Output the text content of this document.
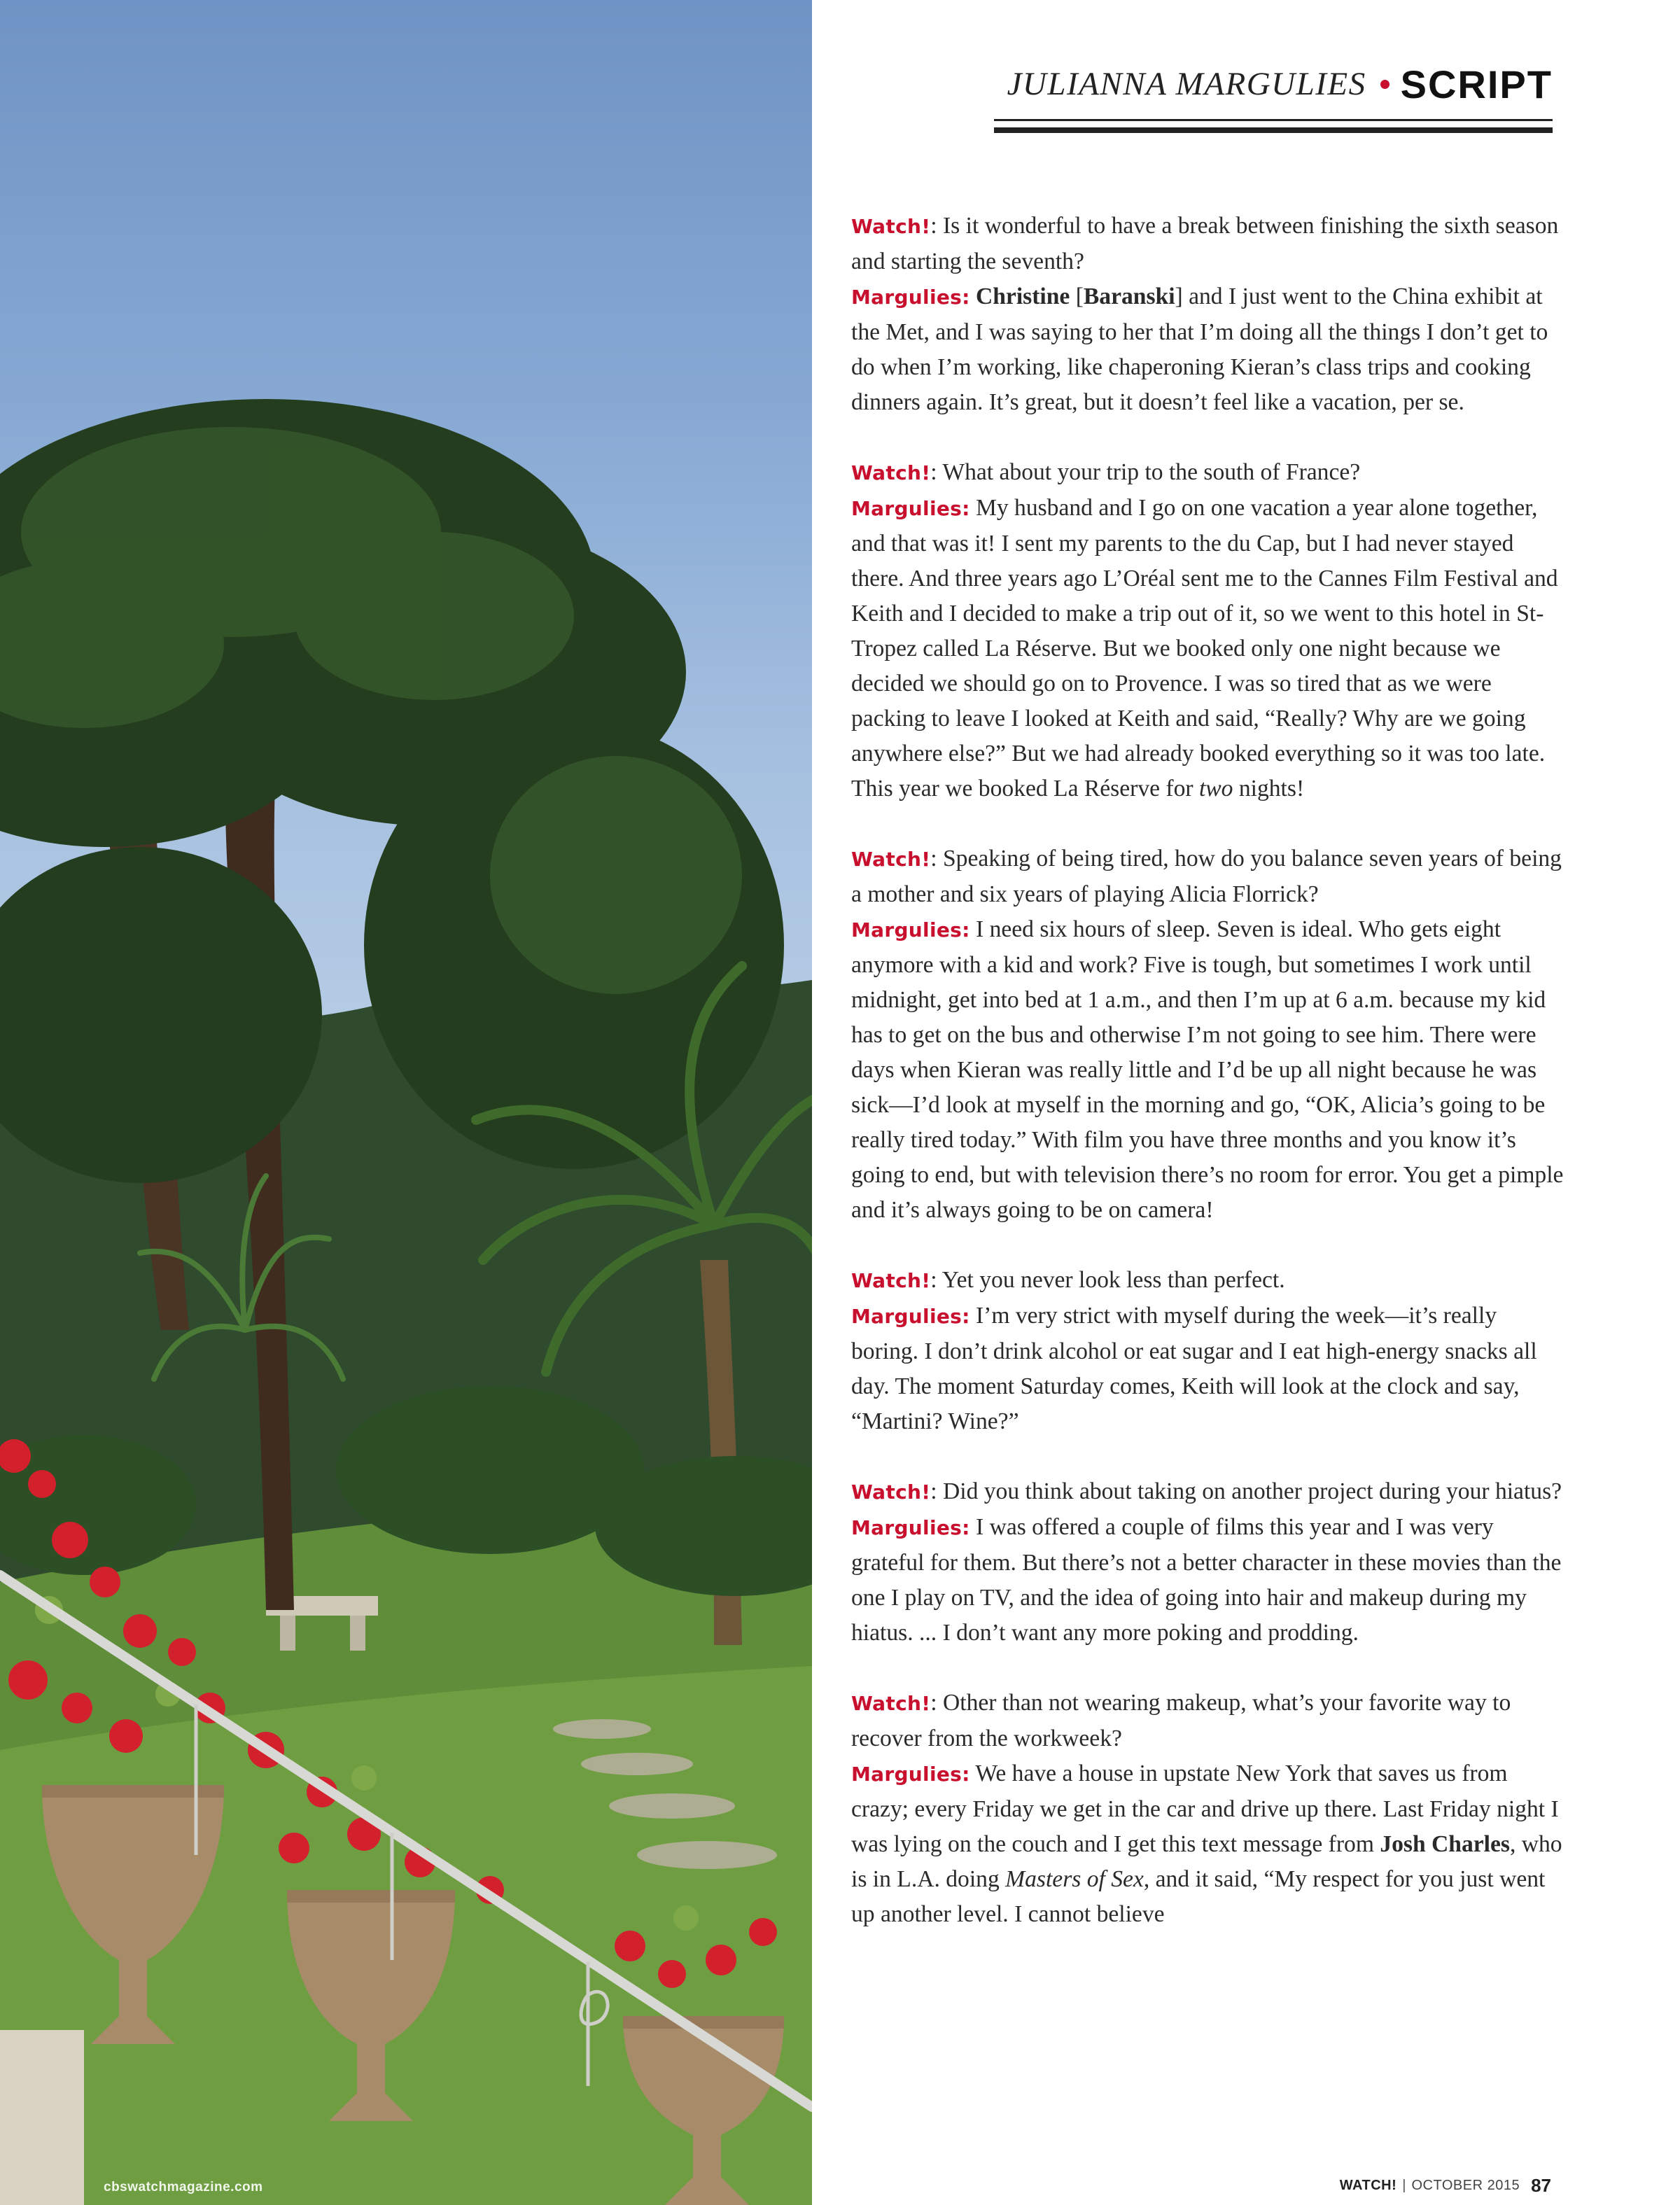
cbswatchmagazine.com
JULIANNA MARGULIES SCRIPT

Watch!: Is it wonderful to have a break between finishing the sixth season and starting the seventh?

Margulies: Christine [Baranski] and I just went to the China exhibit at the Met, and I was saying to her that I’m doing all the things I don’t get to do when I’m working, like chaperoning Kieran’s class trips and cooking dinners again. It’s great, but it doesn’t feel like a vacation, per se.

Watch!: What about your trip to the south of France?

Margulies: My husband and I go on one vacation a year alone together, and that was it! I sent my parents to the du Cap, but I had never stayed there. And three years ago L’Oréal sent me to the Cannes Film Festival and Keith and I decided to make a trip out of it, so we went to this hotel in St-Tropez called La Réserve. But we booked only one night because we decided we should go on to Provence. I was so tired that as we were packing to leave I looked at Keith and said, “Really? Why are we going anywhere else?” But we had already booked everything so it was too late. This year we booked La Réserve for two nights!

Watch!: Speaking of being tired, how do you balance seven years of being a mother and six years of playing Alicia Florrick?

Margulies: I need six hours of sleep. Seven is ideal. Who gets eight anymore with a kid and work? Five is tough, but sometimes I work until midnight, get into bed at 1 a.m., and then I’m up at 6 a.m. because my kid has to get on the bus and otherwise I’m not going to see him. There were days when Kieran was really little and I’d be up all night because he was sick—I’d look at myself in the morning and go, “OK, Alicia’s going to be really tired today.” With film you have three months and you know it’s going to end, but with television there’s no room for error. You get a pimple and it’s always going to be on camera!

Watch!: Yet you never look less than perfect.

Margulies: I’m very strict with myself during the week—it’s really boring. I don’t drink alcohol or eat sugar and I eat high-energy snacks all day. The moment Saturday comes, Keith will look at the clock and say, “Martini? Wine?”

Watch!: Did you think about taking on another project during your hiatus?

Margulies: I was offered a couple of films this year and I was very grateful for them. But there’s not a better character in these movies than the one I play on TV, and the idea of going into hair and makeup during my hiatus. ... I don’t want any more poking and prodding.

Watch!: Other than not wearing makeup, what’s your favorite way to recover from the workweek?

Margulies: We have a house in upstate New York that saves us from crazy; every Friday we get in the car and drive up there. Last Friday night I was lying on the couch and I get this text message from Josh Charles, who is in L.A. doing Masters of Sex, and it said, “My respect for you just went up another level. I cannot believe

WATCH! | OCTOBER 2015 87
